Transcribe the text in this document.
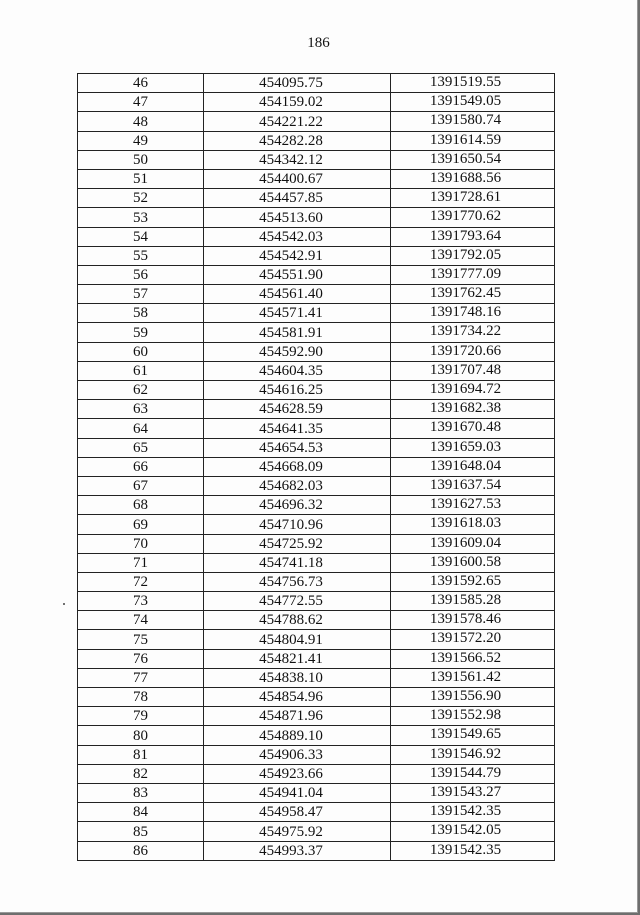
186
46	454095.75	1391519.55
47	454159.02	1391549.05
48	454221.22	1391580.74
49	454282.28	1391614.59
50	454342.12	1391650.54
51	454400.67	1391688.56
52	454457.85	1391728.61
53	454513.60	1391770.62
54	454542.03	1391793.64
55	454542.91	1391792.05
56	454551.90	1391777.09
57	454561.40	1391762.45
58	454571.41	1391748.16
59	454581.91	1391734.22
60	454592.90	1391720.66
61	454604.35	1391707.48
62	454616.25	1391694.72
63	454628.59	1391682.38
64	454641.35	1391670.48
65	454654.53	1391659.03
66	454668.09	1391648.04
67	454682.03	1391637.54
68	454696.32	1391627.53
69	454710.96	1391618.03
70	454725.92	1391609.04
71	454741.18	1391600.58
72	454756.73	1391592.65
73	454772.55	1391585.28
74	454788.62	1391578.46
75	454804.91	1391572.20
76	454821.41	1391566.52
77	454838.10	1391561.42
78	454854.96	1391556.90
79	454871.96	1391552.98
80	454889.10	1391549.65
81	454906.33	1391546.92
82	454923.66	1391544.79
83	454941.04	1391543.27
84	454958.47	1391542.35
85	454975.92	1391542.05
86	454993.37	1391542.35
